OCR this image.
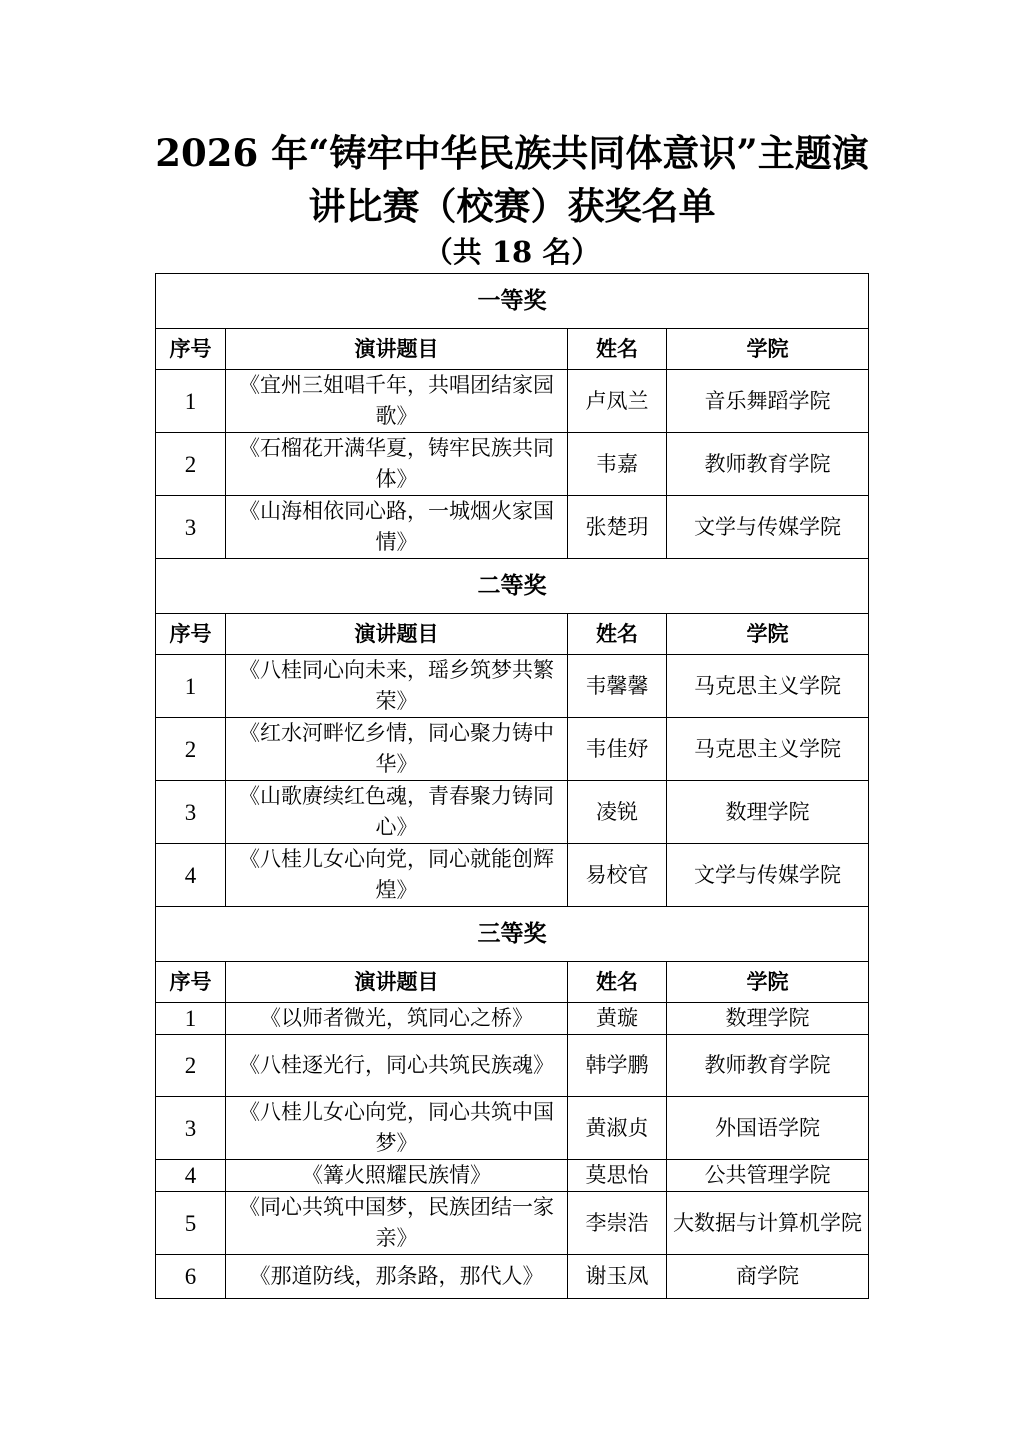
2026 年“铸牢中华民族共同体意识”主题演
讲比赛（校赛）获奖名单
（共 18 名）
一等奖			
序号	演讲题目	姓名	学院
1	《宜州三姐唱千年，共唱团结家园歌》	卢凤兰	音乐舞蹈学院
2	《石榴花开满华夏，铸牢民族共同体》	韦嘉	教师教育学院
3	《山海相依同心路，一城烟火家国情》	张楚玥	文学与传媒学院
二等奖			
序号	演讲题目	姓名	学院
1	《八桂同心向未来，瑶乡筑梦共繁荣》	韦馨馨	马克思主义学院
2	《红水河畔忆乡情，同心聚力铸中华》	韦佳妤	马克思主义学院
3	《山歌赓续红色魂，青春聚力铸同心》	凌锐	数理学院
4	《八桂儿女心向党，同心就能创辉煌》	易校官	文学与传媒学院
三等奖			
序号	演讲题目	姓名	学院
1	《以师者微光，筑同心之桥》	黄璇	数理学院
2	《八桂逐光行，同心共筑民族魂》	韩学鹏	教师教育学院
3	《八桂儿女心向党，同心共筑中国梦》	黄淑贞	外国语学院
4	《篝火照耀民族情》	莫思怡	公共管理学院
5	《同心共筑中国梦，民族团结一家亲》	李崇浩	大数据与计算机学院
6	《那道防线，那条路，那代人》	谢玉凤	商学院
